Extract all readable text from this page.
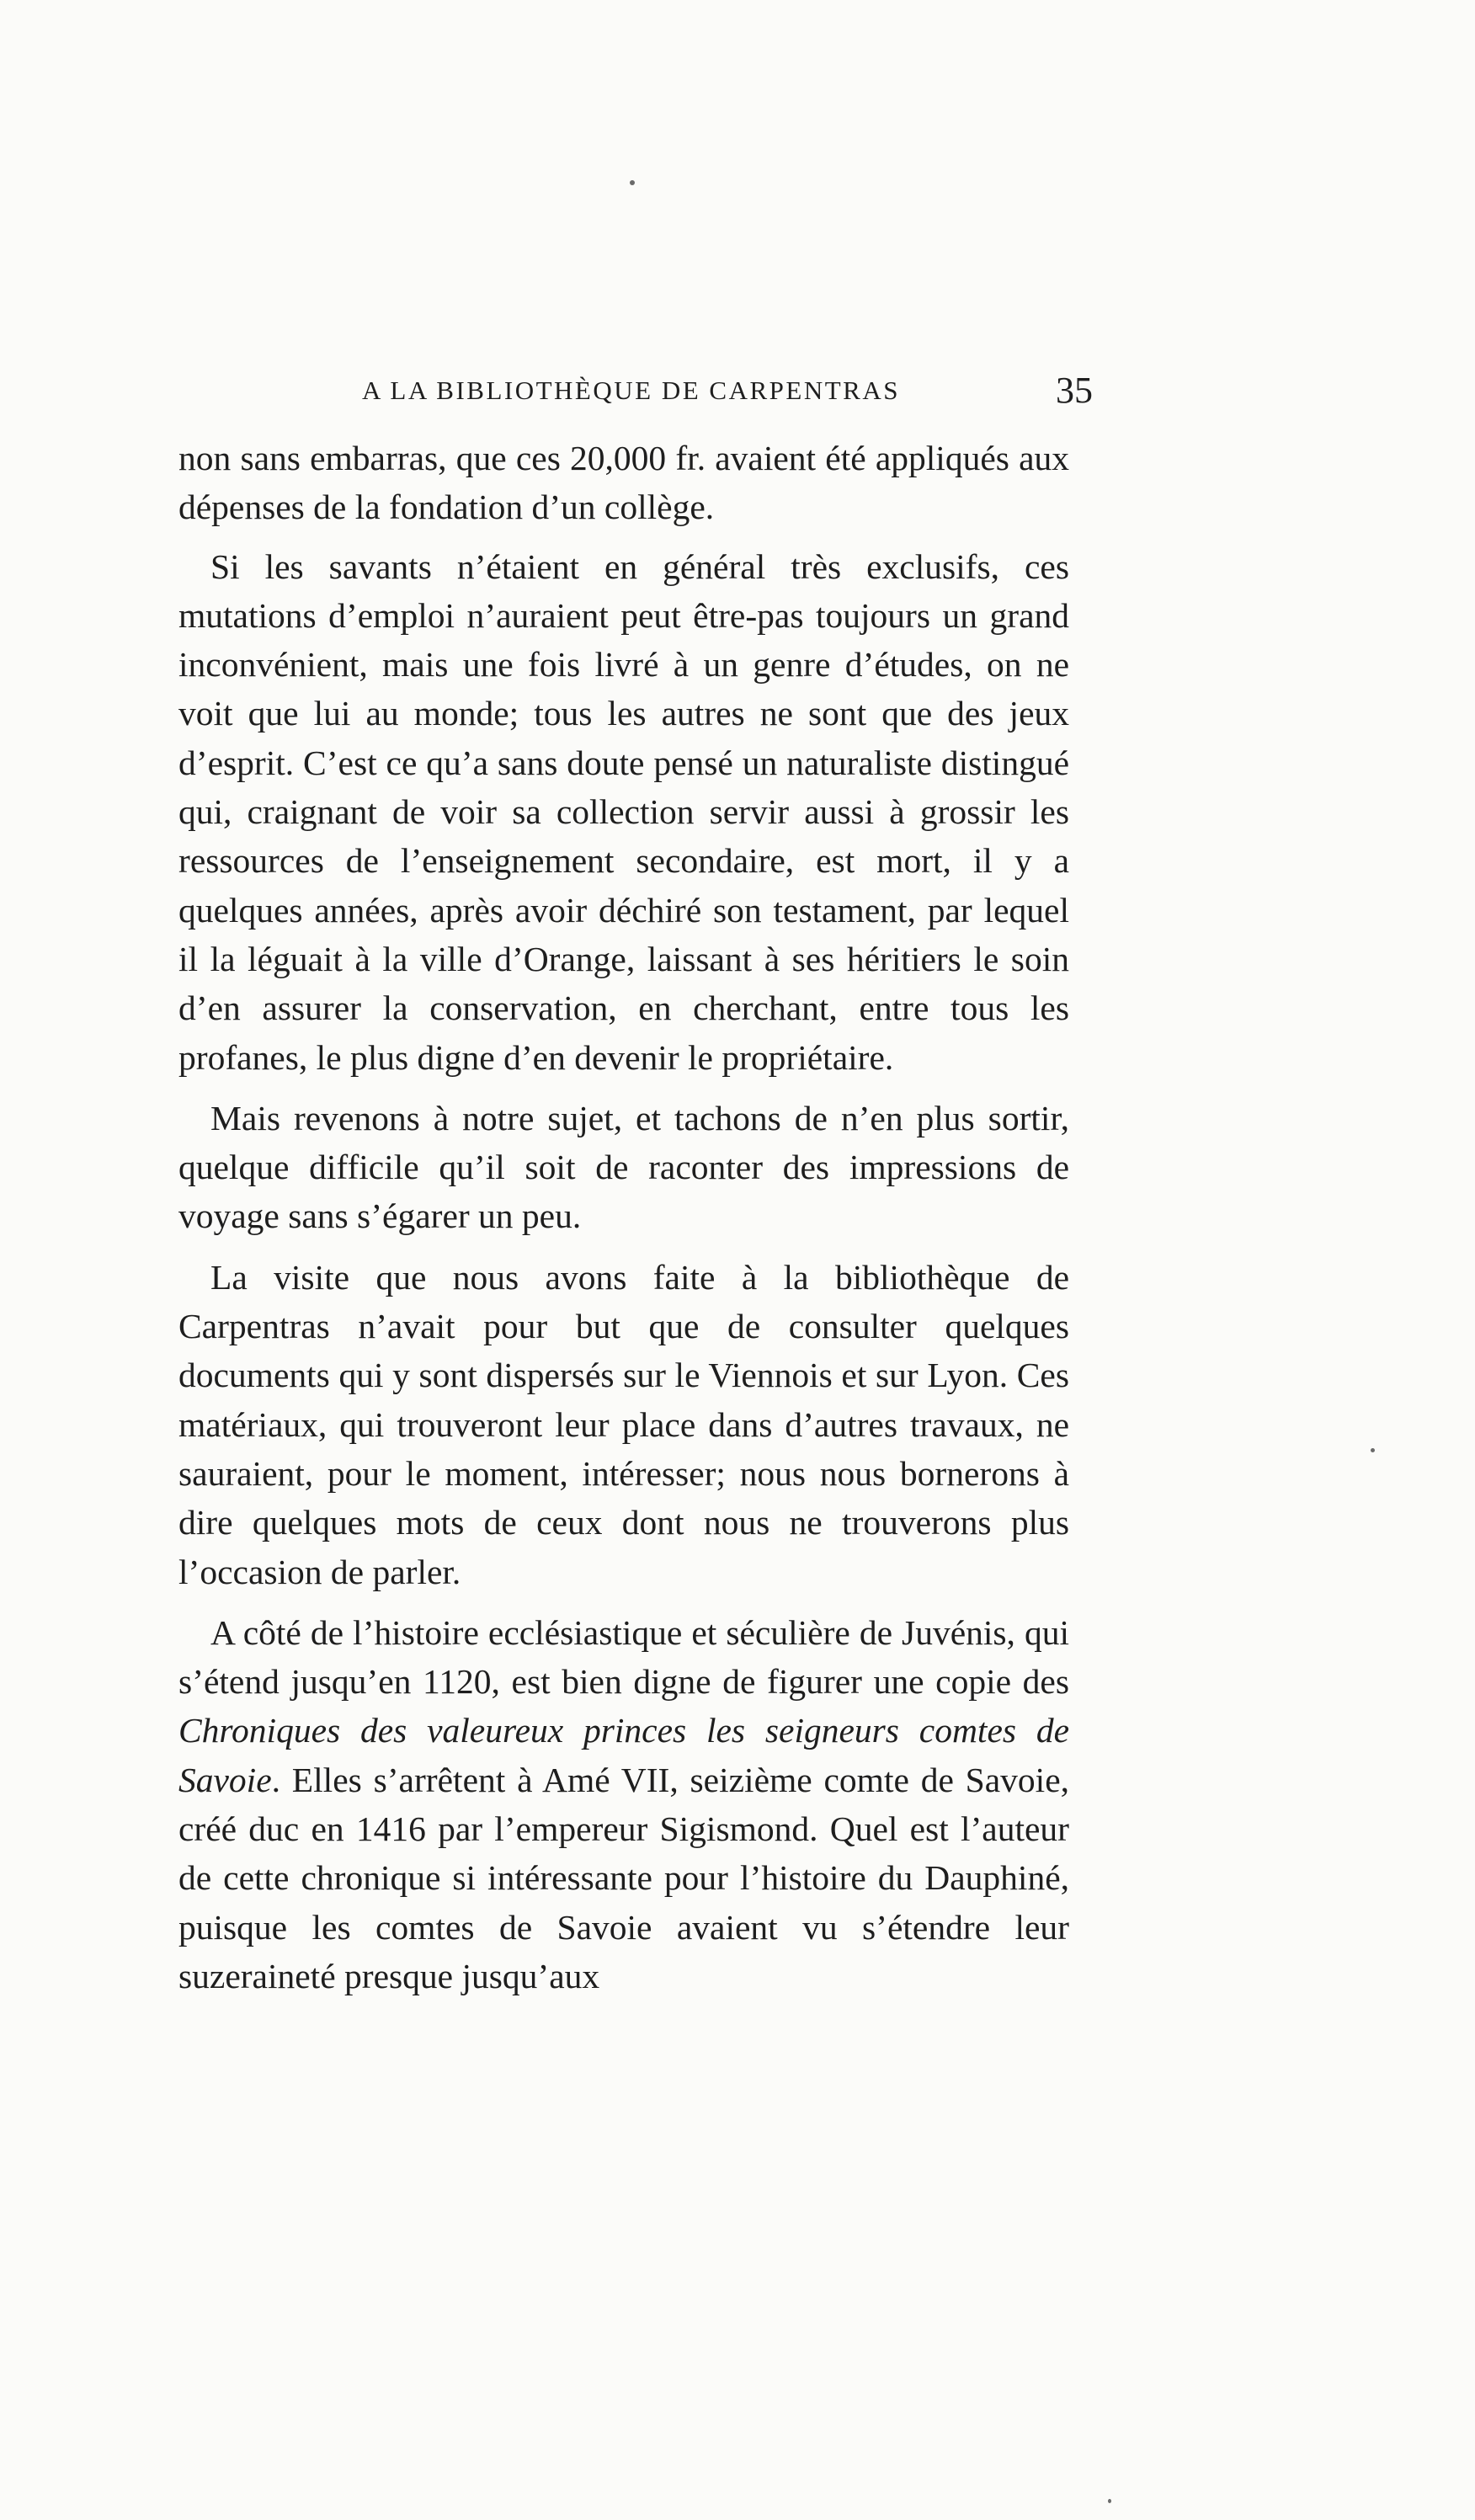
A LA BIBLIOTHÈQUE DE CARPENTRAS	35

non sans embarras, que ces 20,000 fr. avaient été appliqués aux dépenses de la fondation d’un collège.

Si les savants n’étaient en général très exclusifs, ces mutations d’emploi n’auraient peut être-pas toujours un grand inconvénient, mais une fois livré à un genre d’études, on ne voit que lui au monde; tous les autres ne sont que des jeux d’esprit. C’est ce qu’a sans doute pensé un naturaliste distingué qui, craignant de voir sa collection servir aussi à grossir les ressources de l’enseignement secondaire, est mort, il y a quelques années, après avoir déchiré son testament, par lequel il la léguait à la ville d’Orange, laissant à ses héritiers le soin d’en assurer la conservation, en cherchant, entre tous les profanes, le plus digne d’en devenir le propriétaire.

Mais revenons à notre sujet, et tachons de n’en plus sortir, quelque difficile qu’il soit de raconter des impressions de voyage sans s’égarer un peu.

La visite que nous avons faite à la bibliothèque de Carpentras n’avait pour but que de consulter quelques documents qui y sont dispersés sur le Viennois et sur Lyon. Ces matériaux, qui trouveront leur place dans d’autres travaux, ne sauraient, pour le moment, intéresser; nous nous bornerons à dire quelques mots de ceux dont nous ne trouverons plus l’occasion de parler.

A côté de l’histoire ecclésiastique et séculière de Juvénis, qui s’étend jusqu’en 1120, est bien digne de figurer une copie des Chroniques des valeureux princes les seigneurs comtes de Savoie. Elles s’arrêtent à Amé VII, seizième comte de Savoie, créé duc en 1416 par l’empereur Sigismond. Quel est l’auteur de cette chronique si intéressante pour l’histoire du Dauphiné, puisque les comtes de Savoie avaient vu s’étendre leur suzeraineté presque jusqu’aux
